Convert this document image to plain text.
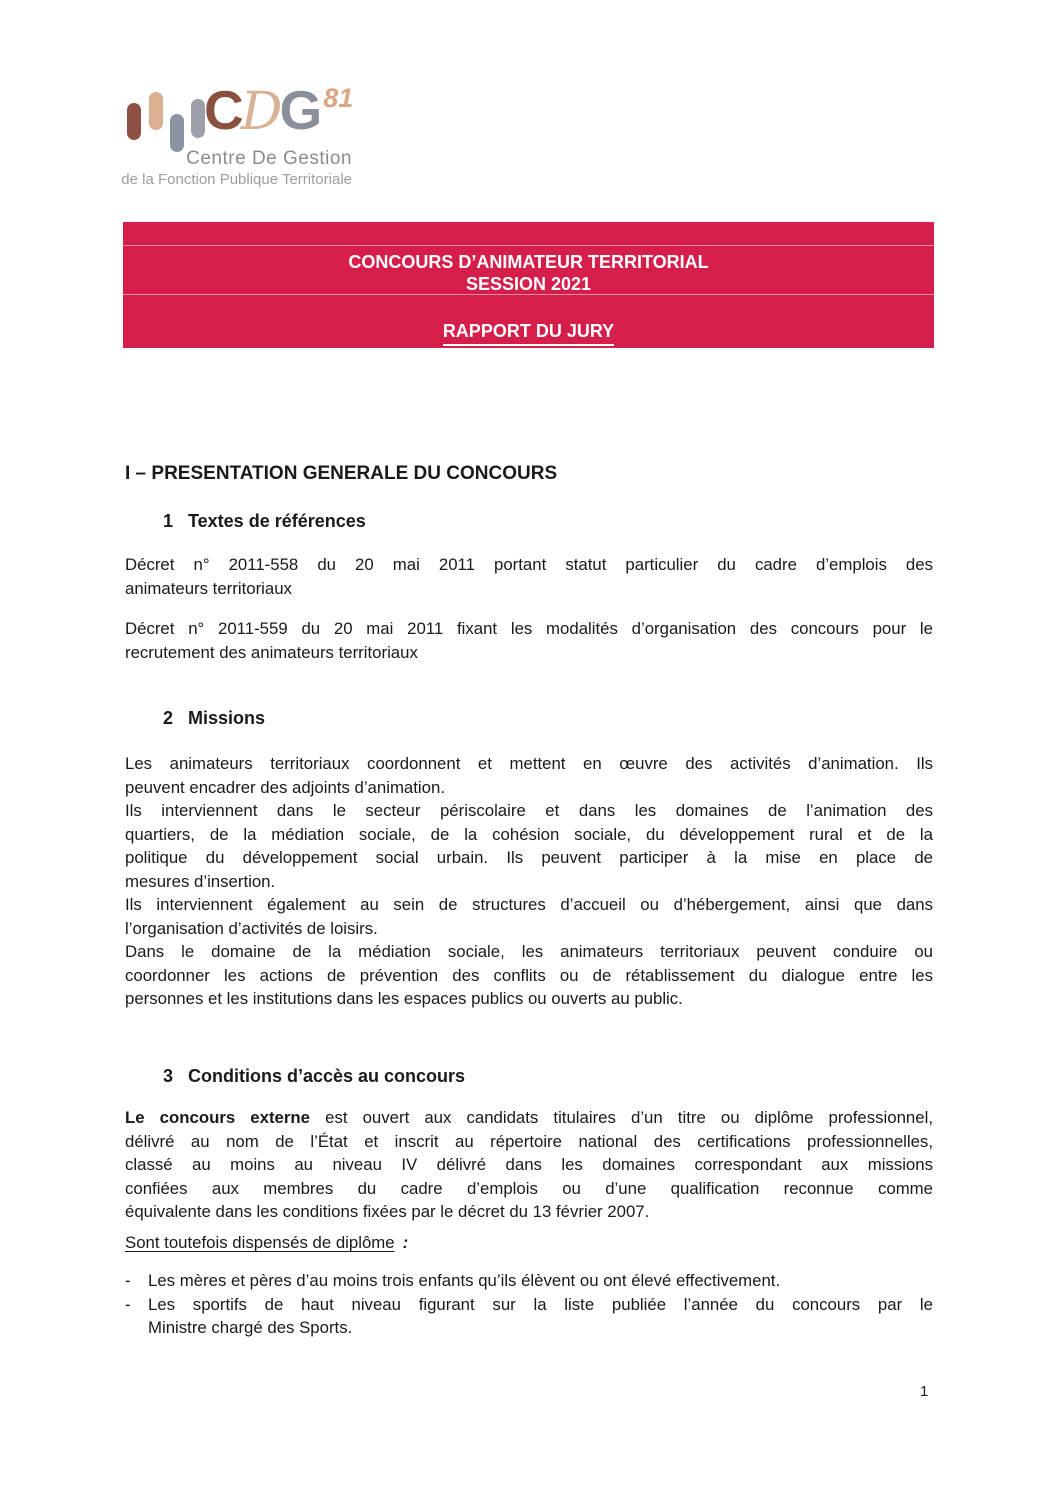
CDG81
Centre De Gestion
de la Fonction Publique Territoriale
CONCOURS D’ANIMATEUR TERRITORIAL
SESSION 2021
RAPPORT DU JURY
I – PRESENTATION GENERALE DU CONCOURS
1 Textes de références
Décret n° 2011-558 du 20 mai 2011 portant statut particulier du cadre d’emplois des
animateurs territoriaux
Décret n° 2011-559 du 20 mai 2011 fixant les modalités d’organisation des concours pour le
recrutement des animateurs territoriaux
2 Missions
Les animateurs territoriaux coordonnent et mettent en œuvre des activités d’animation. Ils
peuvent encadrer des adjoints d’animation.
Ils interviennent dans le secteur périscolaire et dans les domaines de l’animation des
quartiers, de la médiation sociale, de la cohésion sociale, du développement rural et de la
politique du développement social urbain. Ils peuvent participer à la mise en place de
mesures d’insertion.
Ils interviennent également au sein de structures d’accueil ou d’hébergement, ainsi que dans
l’organisation d’activités de loisirs.
Dans le domaine de la médiation sociale, les animateurs territoriaux peuvent conduire ou
coordonner les actions de prévention des conflits ou de rétablissement du dialogue entre les
personnes et les institutions dans les espaces publics ou ouverts au public.
3 Conditions d’accès au concours
Le concours externe est ouvert aux candidats titulaires d’un titre ou diplôme professionnel,
délivré au nom de l’État et inscrit au répertoire national des certifications professionnelles,
classé au moins au niveau IV délivré dans les domaines correspondant aux missions
confiées aux membres du cadre d’emplois ou d’une qualification reconnue comme
équivalente dans les conditions fixées par le décret du 13 février 2007.
Sont toutefois dispensés de diplôme :
-	Les mères et pères d’au moins trois enfants qu’ils élèvent ou ont élevé effectivement.
-	Les sportifs de haut niveau figurant sur la liste publiée l’année du concours par le
Ministre chargé des Sports.
1
